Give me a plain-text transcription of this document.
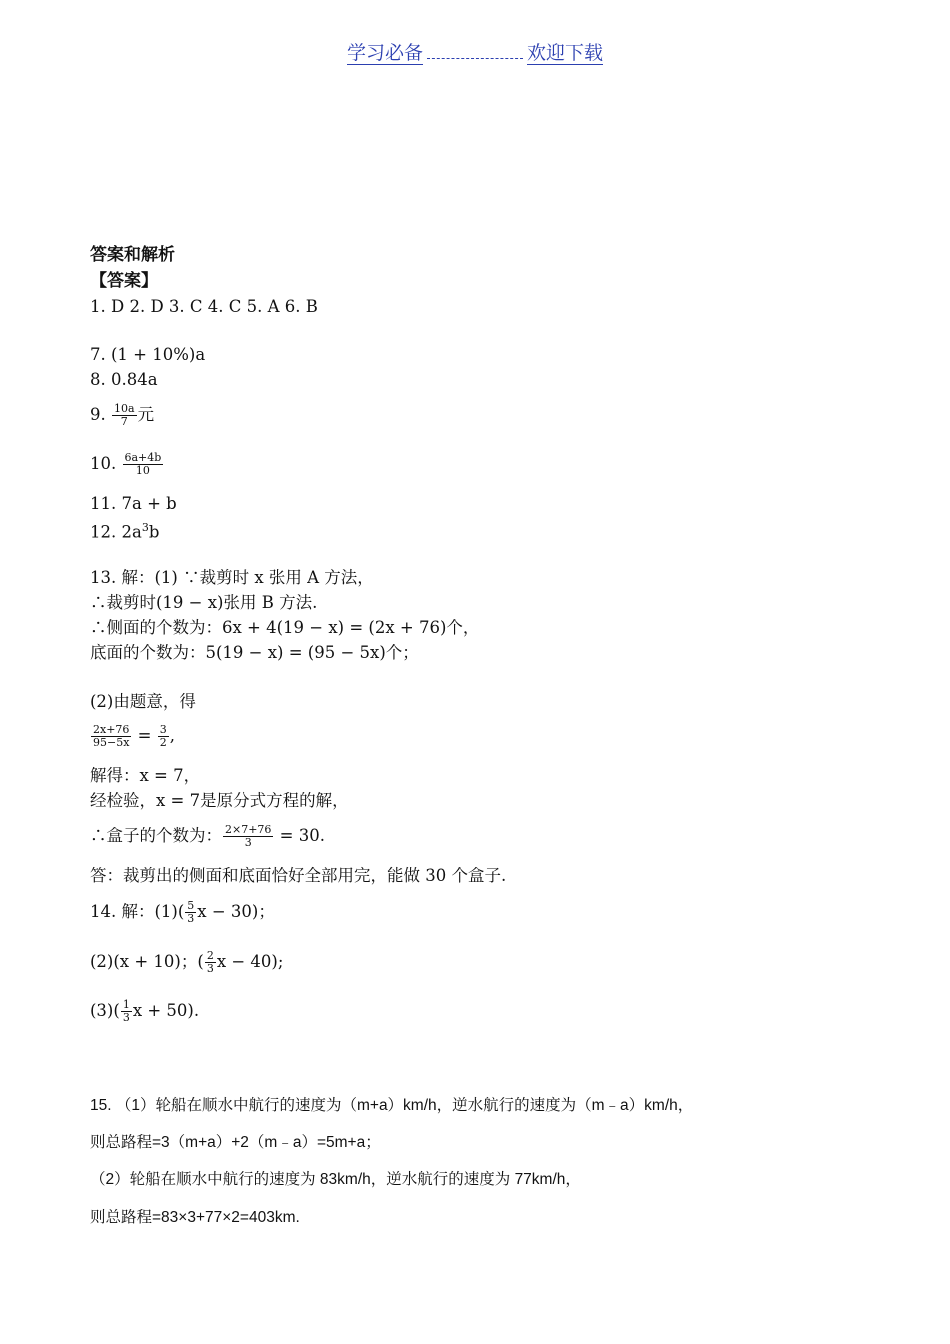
学习必备	欢迎下载
答案和解析
【答案】
1. D 2. D 3. C 4. C 5. A 6. B
7. (1 + 10%)a
8. 0.84a
9. $\frac{10a}{7}$ 元
10. $\frac{6a+4b}{10}$
11. 7a + b
12. $2a^3b$
13. 解：(1) ∵裁剪时 x 张用 A 方法，
∴裁剪时(19 − x)张用 B 方法.
∴侧面的个数为：6x + 4(19 − x) = (2x + 76)个，
底面的个数为：5(19 − x) = (95 − 5x)个；
(2)由题意，得
$\frac{2x+76}{95-5x} = \frac{3}{2}$ ,
解得：x = 7，
经检验，x = 7是原分式方程的解，
∴盒子的个数为： $\frac{2\times 7+76}{3} = 30$.
答：裁剪出的侧面和底面恰好全部用完，能做 30 个盒子.
14. 解：$(1)( \frac{5}{3}$ x − 30)；
(2)(x + 10)；( $\frac{2}{3}$ x − 40);
$(3)( \frac{1}{3}$ x + 50).
15. （1）轮船在顺水中航行的速度为（m+a）km/h，逆水航行的速度为（m﹣a）km/h，
则总路程=3（m+a）+2（m﹣a）=5m+a；
（2）轮船在顺水中航行的速度为 83km/h，逆水航行的速度为 77km/h，
则总路程=83×3+77×2=403km.
